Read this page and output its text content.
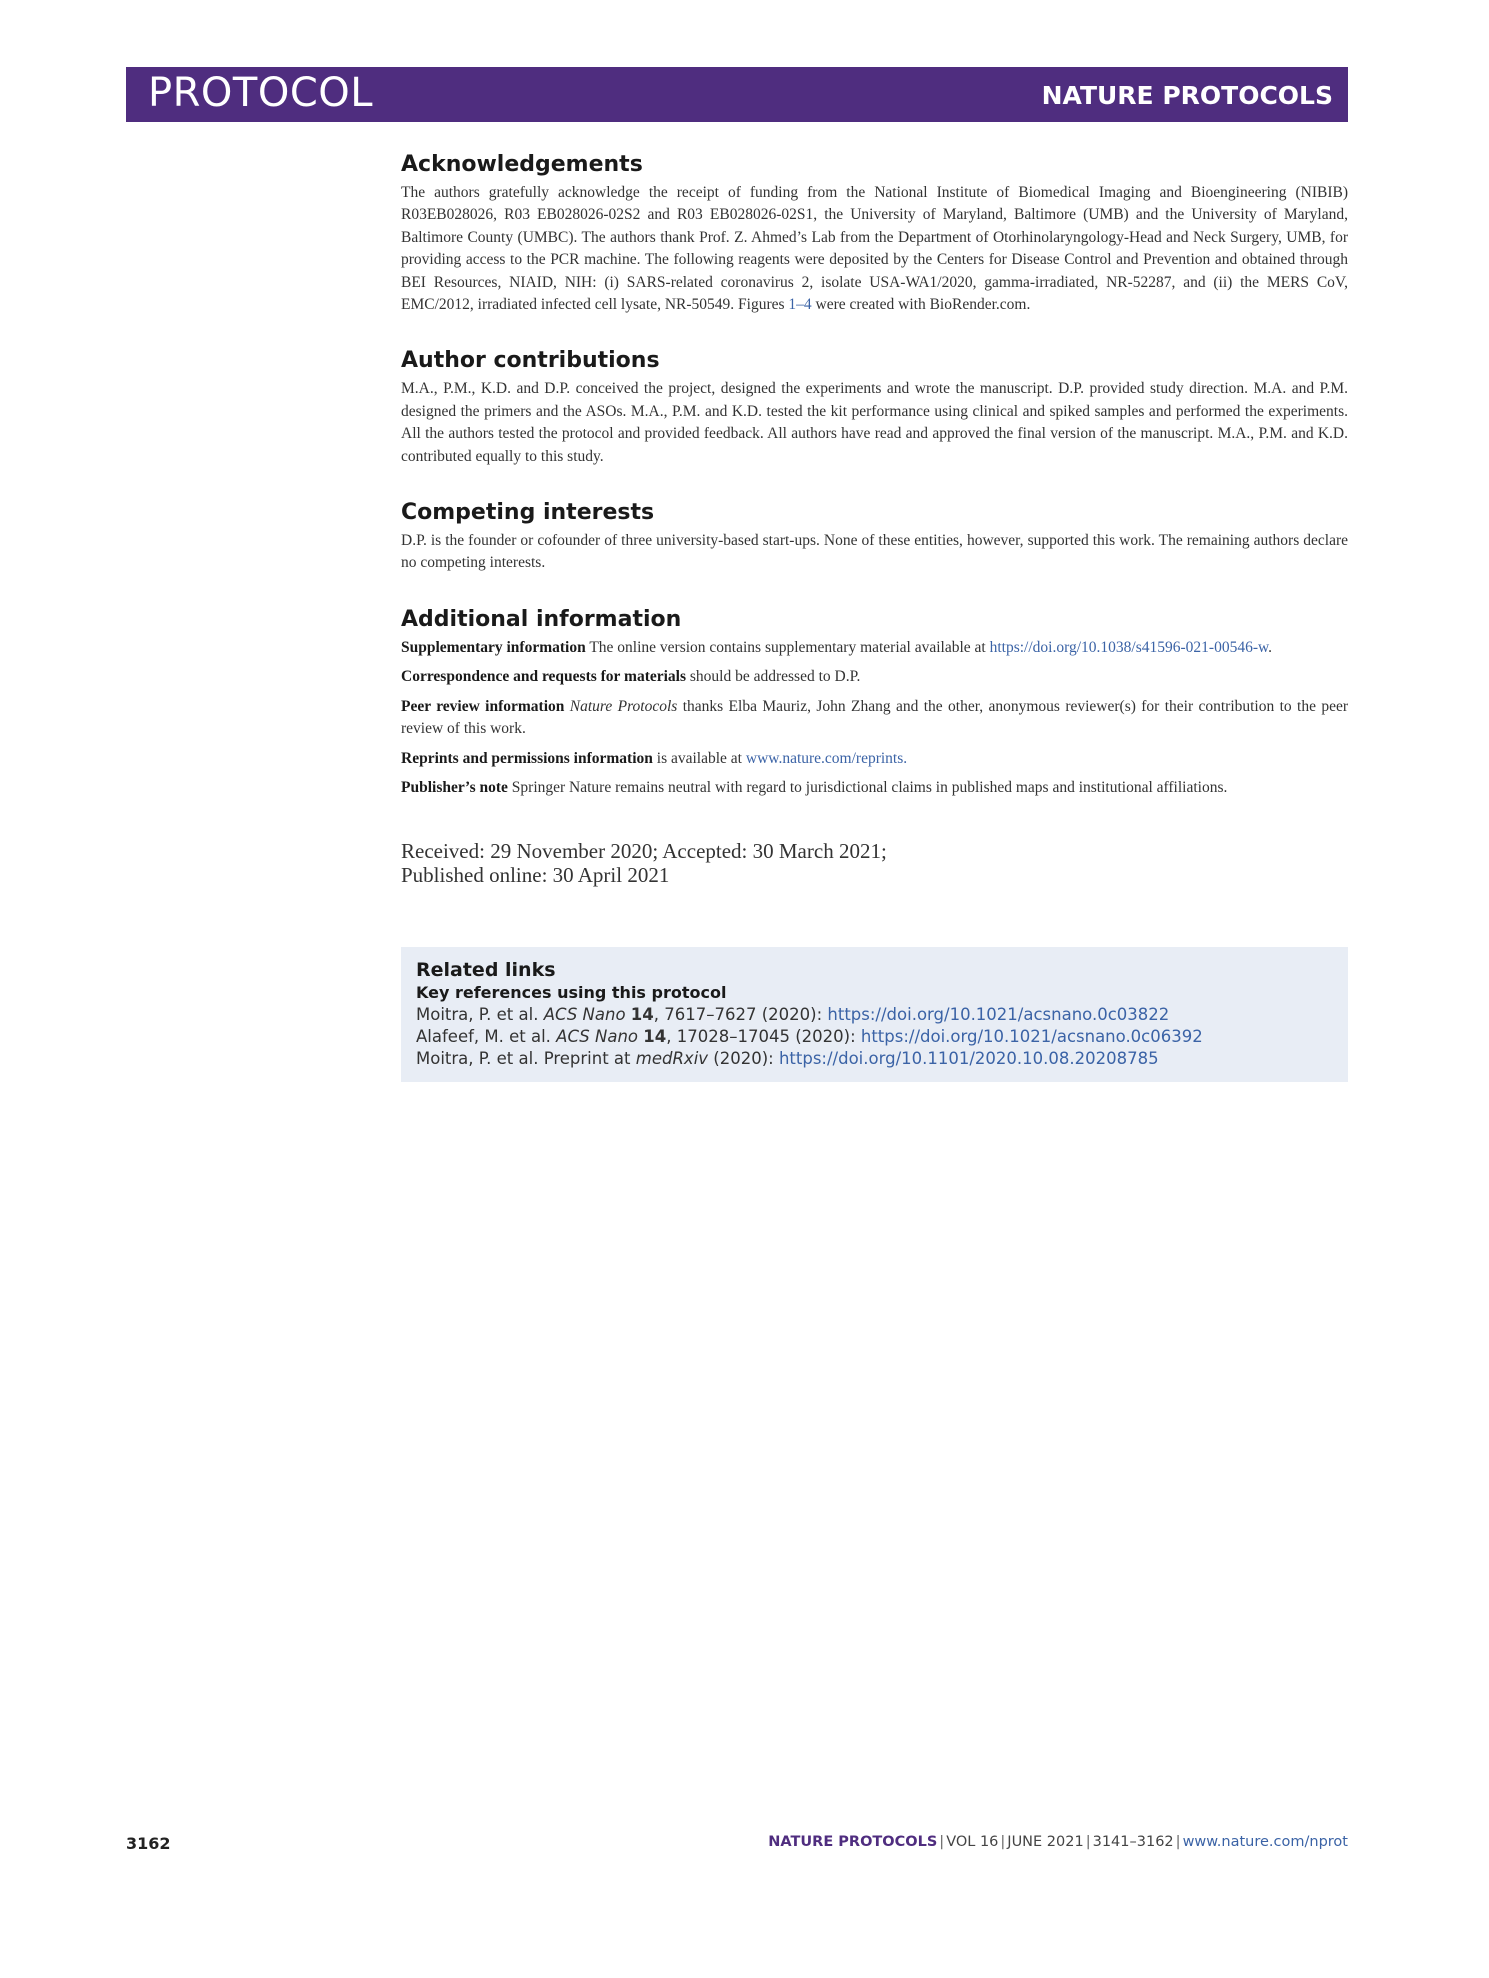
PROTOCOL	NATURE PROTOCOLS
Acknowledgements

The authors gratefully acknowledge the receipt of funding from the National Institute of Biomedical Imaging and Bioengineering (NIBIB) R03EB028026, R03 EB028026-02S2 and R03 EB028026-02S1, the University of Maryland, Baltimore (UMB) and the University of Maryland, Baltimore County (UMBC). The authors thank Prof. Z. Ahmed’s Lab from the Department of Otorhinolaryngology-Head and Neck Surgery, UMB, for providing access to the PCR machine. The following reagents were deposited by the Centers for Disease Control and Prevention and obtained through BEI Resources, NIAID, NIH: (i) SARS-related coronavirus 2, isolate USA-WA1/2020, gamma-irradiated, NR-52287, and (ii) the MERS CoV, EMC/2012, irradiated infected cell lysate, NR-50549. Figures 1–4 were created with BioRender.com.

Author contributions

M.A., P.M., K.D. and D.P. conceived the project, designed the experiments and wrote the manuscript. D.P. provided study direction. M.A. and P.M. designed the primers and the ASOs. M.A., P.M. and K.D. tested the kit performance using clinical and spiked samples and performed the experiments. All the authors tested the protocol and provided feedback. All authors have read and approved the final version of the manuscript. M.A., P.M. and K.D. contributed equally to this study.

Competing interests

D.P. is the founder or cofounder of three university-based start-ups. None of these entities, however, supported this work. The remaining authors declare no competing interests.

Additional information

Supplementary information The online version contains supplementary material available at https://doi.org/10.1038/s41596-021-00546-w.

Correspondence and requests for materials should be addressed to D.P.

Peer review information Nature Protocols thanks Elba Mauriz, John Zhang and the other, anonymous reviewer(s) for their contribution to the peer review of this work.

Reprints and permissions information is available at www.nature.com/reprints.

Publisher’s note Springer Nature remains neutral with regard to jurisdictional claims in published maps and institutional affiliations.

Received: 29 November 2020; Accepted: 30 March 2021;
Published online: 30 April 2021
Related links
Key references using this protocol
Moitra, P. et al. ACS Nano 14, 7617–7627 (2020): https://doi.org/10.1021/acsnano.0c03822
Alafeef, M. et al. ACS Nano 14, 17028–17045 (2020): https://doi.org/10.1021/acsnano.0c06392
Moitra, P. et al. Preprint at medRxiv (2020): https://doi.org/10.1101/2020.10.08.20208785
3162	NATURE PROTOCOLS | VOL 16 | JUNE 2021 | 3141–3162 | www.nature.com/nprot
